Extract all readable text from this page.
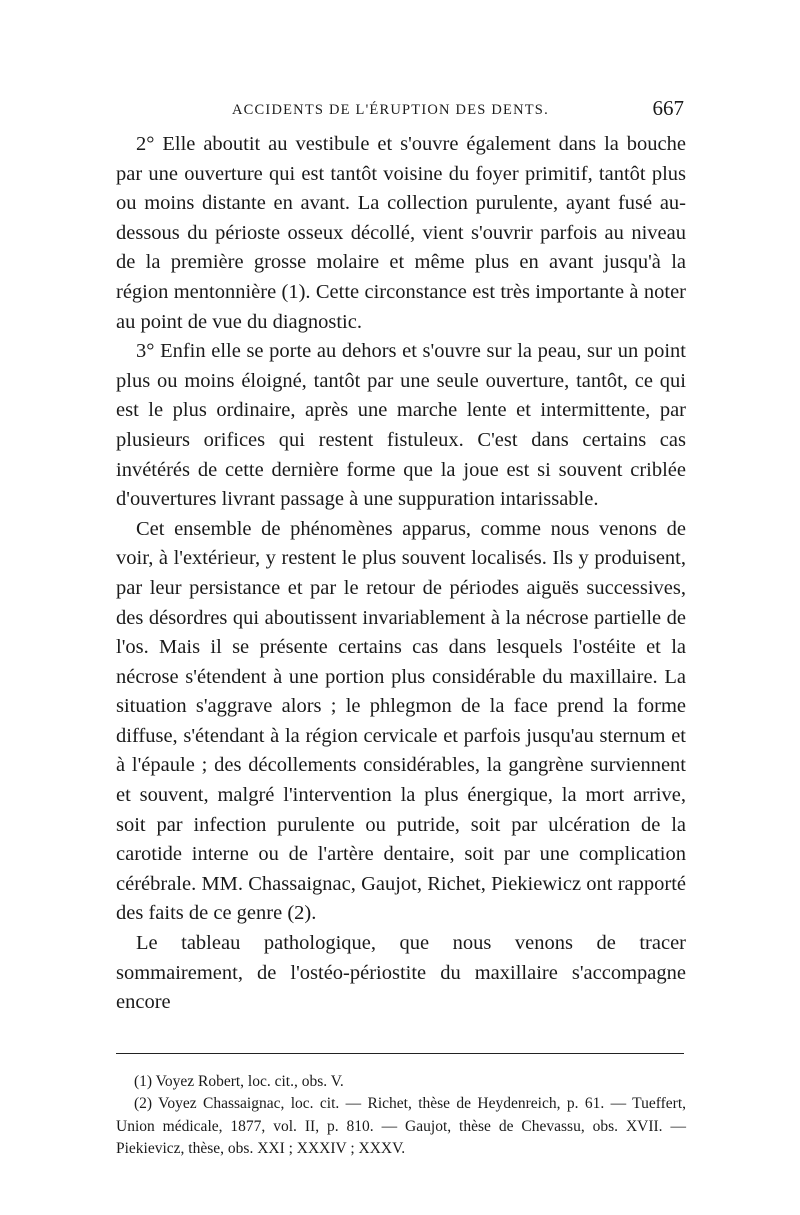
ACCIDENTS DE L'ÉRUPTION DES DENTS.	667

2° Elle aboutit au vestibule et s'ouvre également dans la bouche par une ouverture qui est tantôt voisine du foyer primitif, tantôt plus ou moins distante en avant. La collection purulente, ayant fusé au-dessous du périoste osseux décollé, vient s'ouvrir parfois au niveau de la première grosse molaire et même plus en avant jusqu'à la région mentonnière (1). Cette circonstance est très importante à noter au point de vue du diagnostic.

3° Enfin elle se porte au dehors et s'ouvre sur la peau, sur un point plus ou moins éloigné, tantôt par une seule ouverture, tantôt, ce qui est le plus ordinaire, après une marche lente et intermittente, par plusieurs orifices qui restent fistuleux. C'est dans certains cas invétérés de cette dernière forme que la joue est si souvent criblée d'ouvertures livrant passage à une suppuration intarissable.

Cet ensemble de phénomènes apparus, comme nous venons de voir, à l'extérieur, y restent le plus souvent localisés. Ils y produisent, par leur persistance et par le retour de périodes aiguës successives, des désordres qui aboutissent invariablement à la nécrose partielle de l'os. Mais il se présente certains cas dans lesquels l'ostéite et la nécrose s'étendent à une portion plus considérable du maxillaire. La situation s'aggrave alors ; le phlegmon de la face prend la forme diffuse, s'étendant à la région cervicale et parfois jusqu'au sternum et à l'épaule ; des décollements considérables, la gangrène surviennent et souvent, malgré l'intervention la plus énergique, la mort arrive, soit par infection purulente ou putride, soit par ulcération de la carotide interne ou de l'artère dentaire, soit par une complication cérébrale. MM. Chassaignac, Gaujot, Richet, Piekiewicz ont rapporté des faits de ce genre (2).

Le tableau pathologique, que nous venons de tracer sommairement, de l'ostéo-périostite du maxillaire s'accompagne encore

(1) Voyez Robert, loc. cit., obs. V.

(2) Voyez Chassaignac, loc. cit. — Richet, thèse de Heydenreich, p. 61. — Tueffert, Union médicale, 1877, vol. II, p. 810. — Gaujot, thèse de Chevassu, obs. XVII. — Piekievicz, thèse, obs. XXI ; XXXIV ; XXXV.
